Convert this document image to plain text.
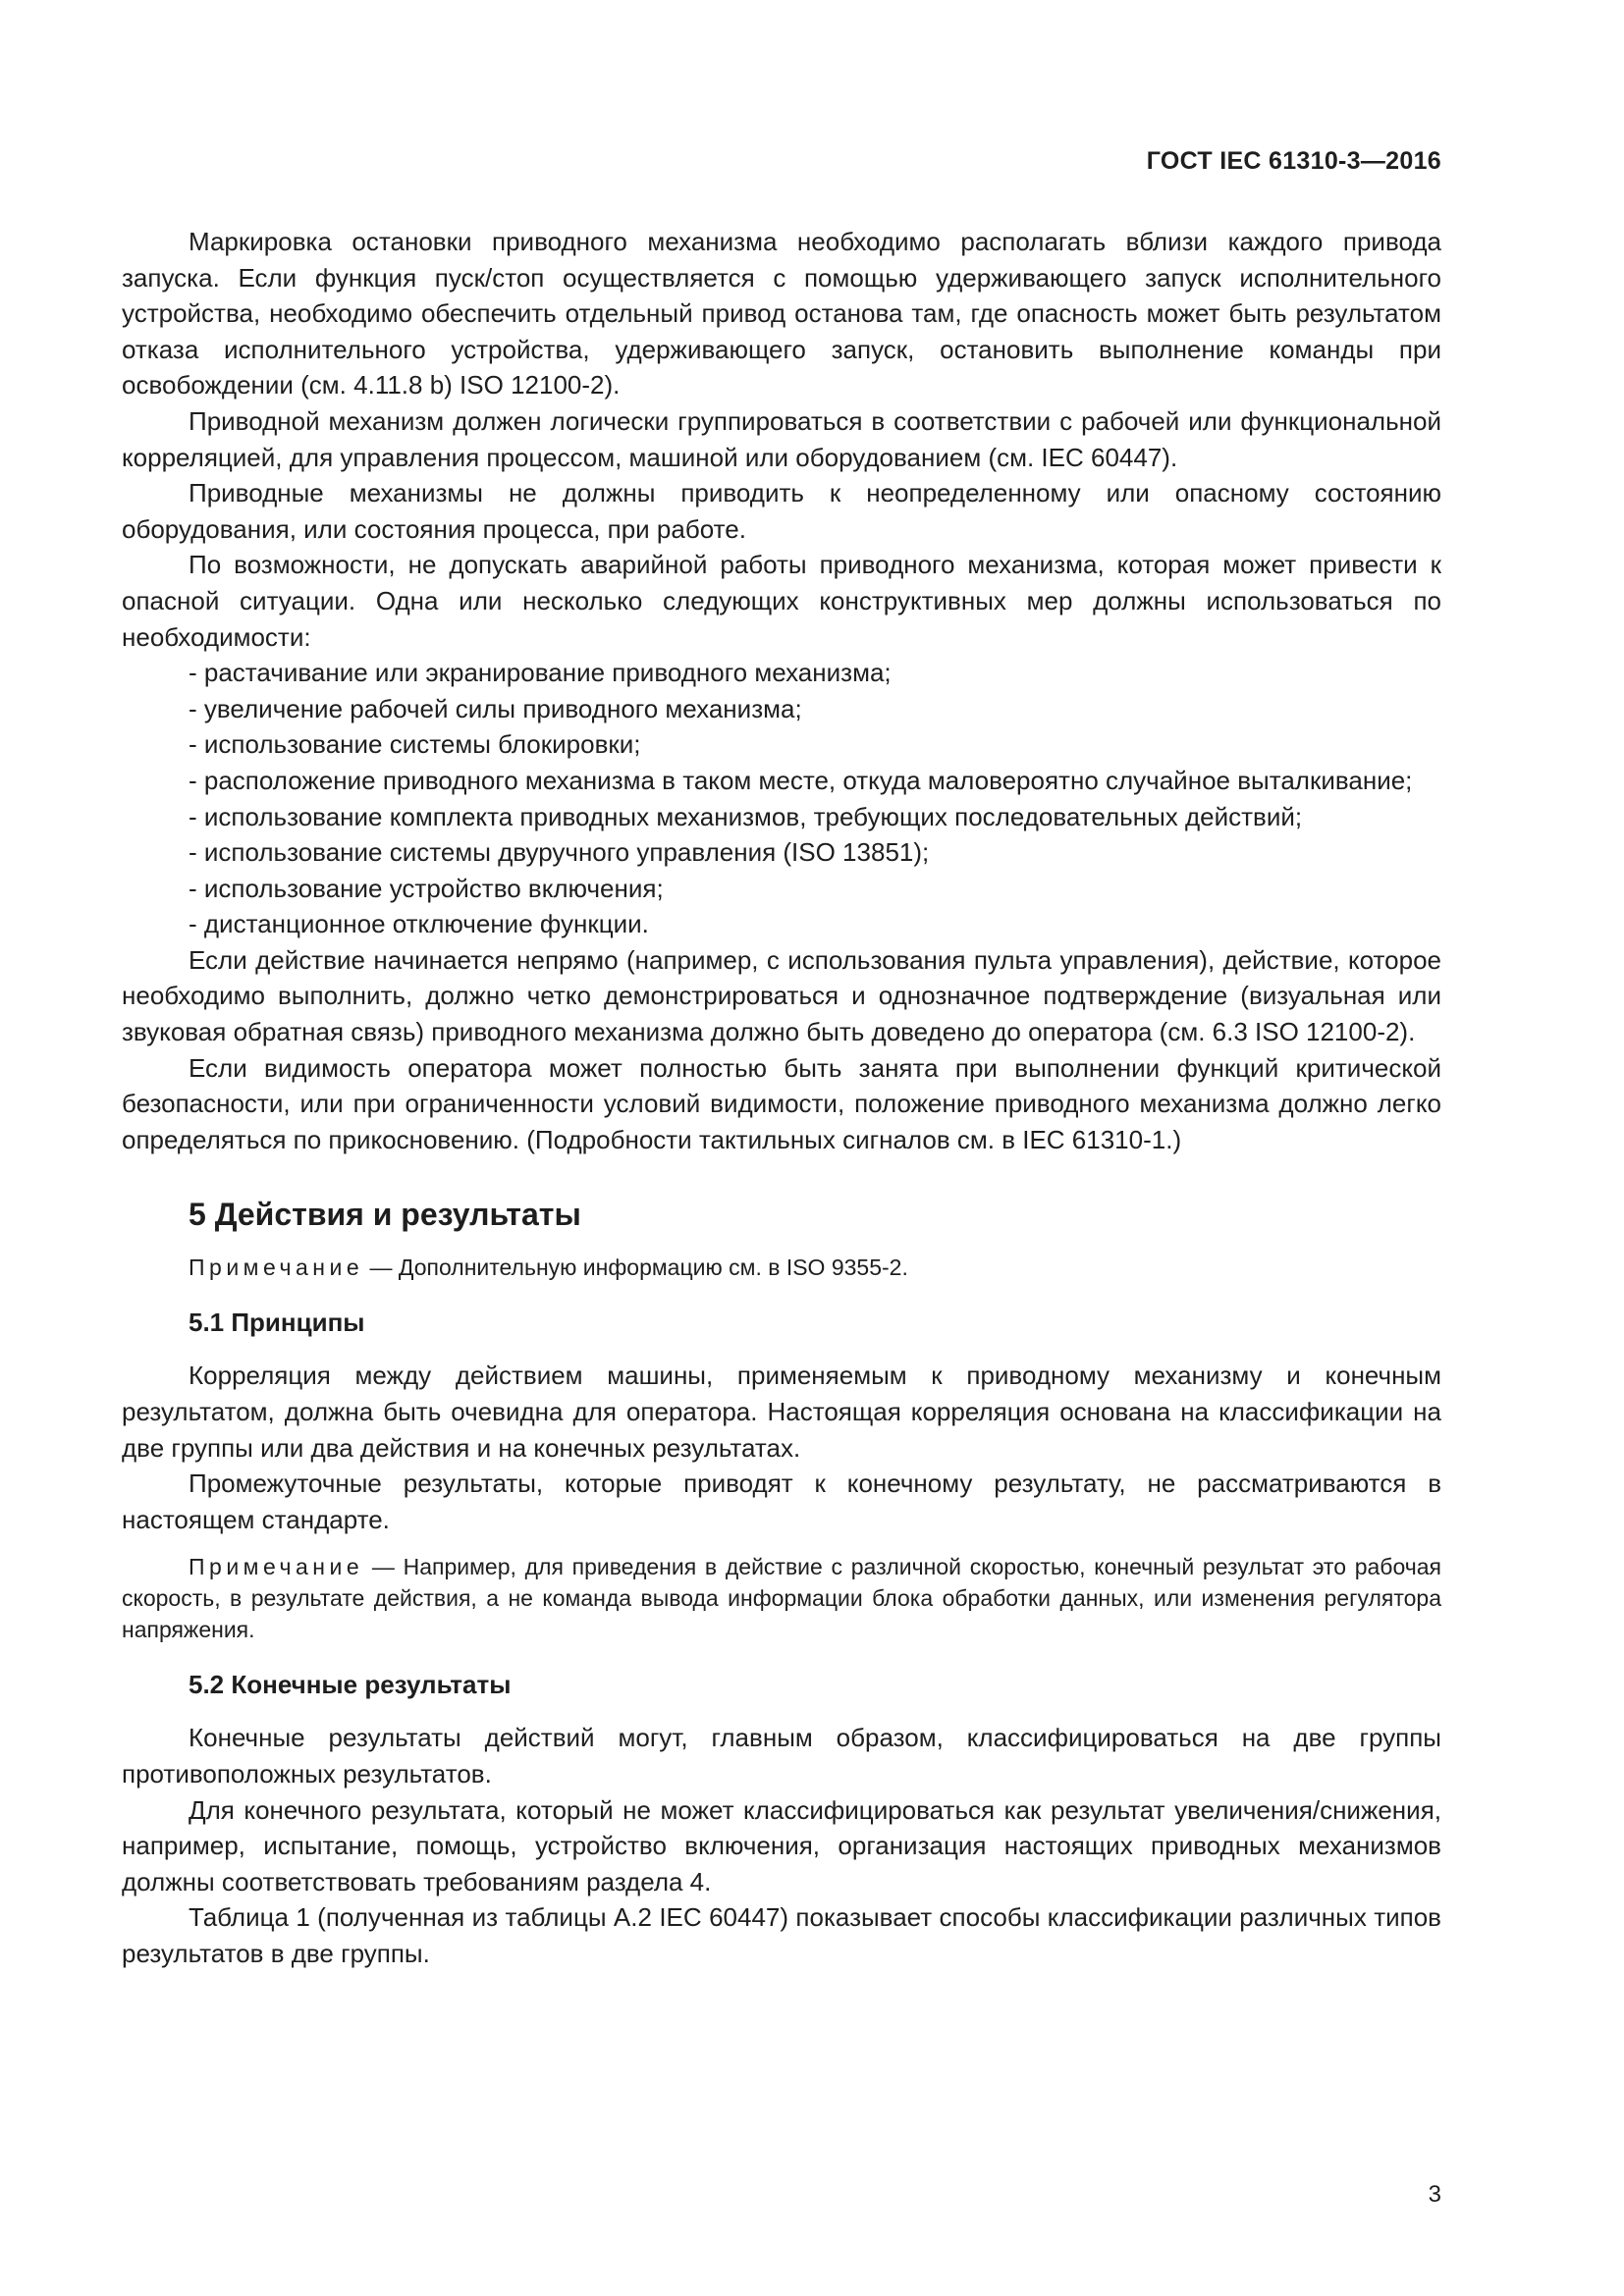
ГОСТ IEC 61310-3—2016

Маркировка остановки приводного механизма необходимо располагать вблизи каждого привода запуска. Если функция пуск/стоп осуществляется с помощью удерживающего запуск исполнительного устройства, необходимо обеспечить отдельный привод останова там, где опасность может быть результатом отказа исполнительного устройства, удерживающего запуск, остановить выполнение команды при освобождении (см. 4.11.8 b) ISO 12100-2).

Приводной механизм должен логически группироваться в соответствии с рабочей или функциональной корреляцией, для управления процессом, машиной или оборудованием (см. IEC 60447).

Приводные механизмы не должны приводить к неопределенному или опасному состоянию оборудования, или состояния процесса, при работе.

По возможности, не допускать аварийной работы приводного механизма, которая может привести к опасной ситуации. Одна или несколько следующих конструктивных мер должны использоваться по необходимости:

- растачивание или экранирование приводного механизма;

- увеличение рабочей силы приводного механизма;

- использование системы блокировки;

- расположение приводного механизма в таком месте, откуда маловероятно случайное выталкивание;

- использование комплекта приводных механизмов, требующих последовательных действий;

- использование системы двуручного управления (ISO 13851);

- использование устройство включения;

- дистанционное отключение функции.

Если действие начинается непрямо (например, с использования пульта управления), действие, которое необходимо выполнить, должно четко демонстрироваться и однозначное подтверждение (визуальная или звуковая обратная связь) приводного механизма должно быть доведено до оператора (см. 6.3 ISO 12100-2).

Если видимость оператора может полностью быть занята при выполнении функций критической безопасности, или при ограниченности условий видимости, положение приводного механизма должно легко определяться по прикосновению. (Подробности тактильных сигналов см. в IEC 61310-1.)

5 Действия и результаты

Примечание — Дополнительную информацию см. в ISO 9355-2.

5.1 Принципы

Корреляция между действием машины, применяемым к приводному механизму и конечным результатом, должна быть очевидна для оператора. Настоящая корреляция основана на классификации на две группы или два действия и на конечных результатах.

Промежуточные результаты, которые приводят к конечному результату, не рассматриваются в настоящем стандарте.

Примечание — Например, для приведения в действие с различной скоростью, конечный результат это рабочая скорость, в результате действия, а не команда вывода информации блока обработки данных, или изменения регулятора напряжения.

5.2 Конечные результаты

Конечные результаты действий могут, главным образом, классифицироваться на две группы противоположных результатов.

Для конечного результата, который не может классифицироваться как результат увеличения/снижения, например, испытание, помощь, устройство включения, организация настоящих приводных механизмов должны соответствовать требованиям раздела 4.

Таблица 1 (полученная из таблицы А.2 IEC 60447) показывает способы классификации различных типов результатов в две группы.

3
